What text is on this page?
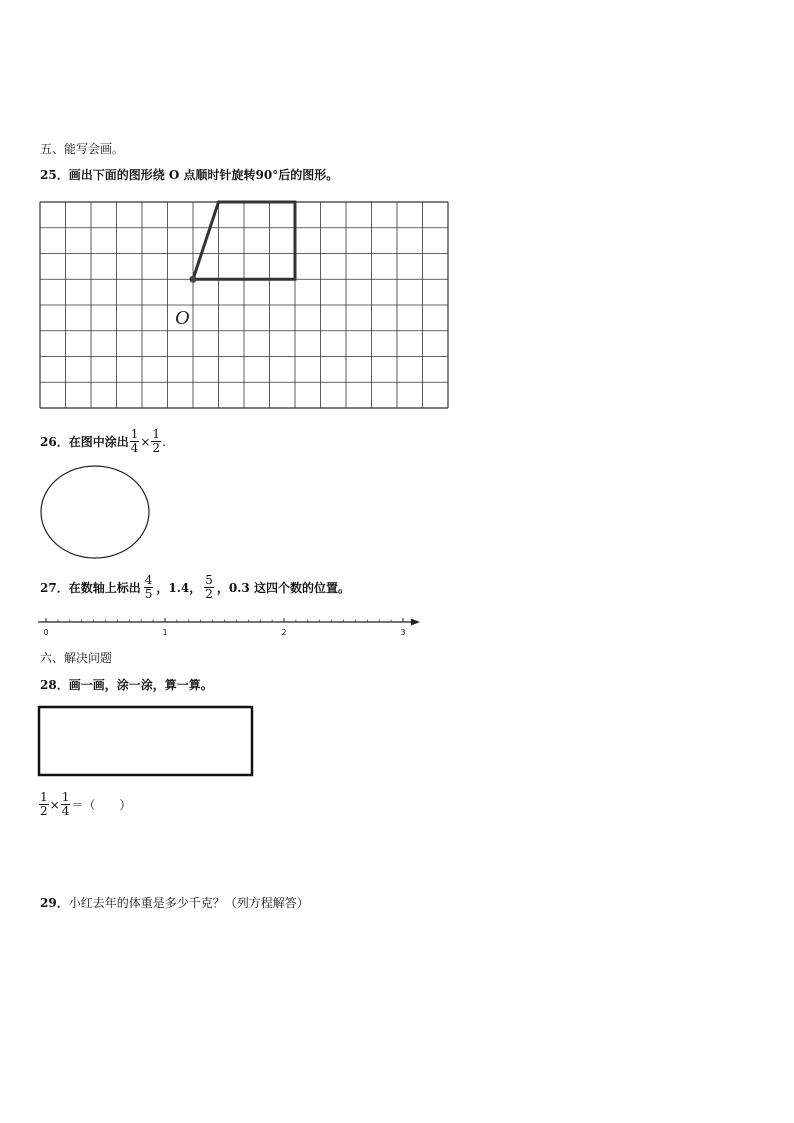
五、能写会画。
25．画出下面的图形绕 O 点顺时针旋转90°后的图形。
O
0	1	2	3
26．在图中涂出 $\frac{1}{4} \times \frac{1}{2}$ .
27．在数轴上标出 $\frac{4}{5}$ ，1.4， $\frac{5}{2}$ ，0.3 这四个数的位置。
六、解决问题
28．画一画，涂一涂，算一算。
$\frac{1}{2} \times \frac{1}{4}$ ＝（　　）
29．小红去年的体重是多少千克？（列方程解答）
